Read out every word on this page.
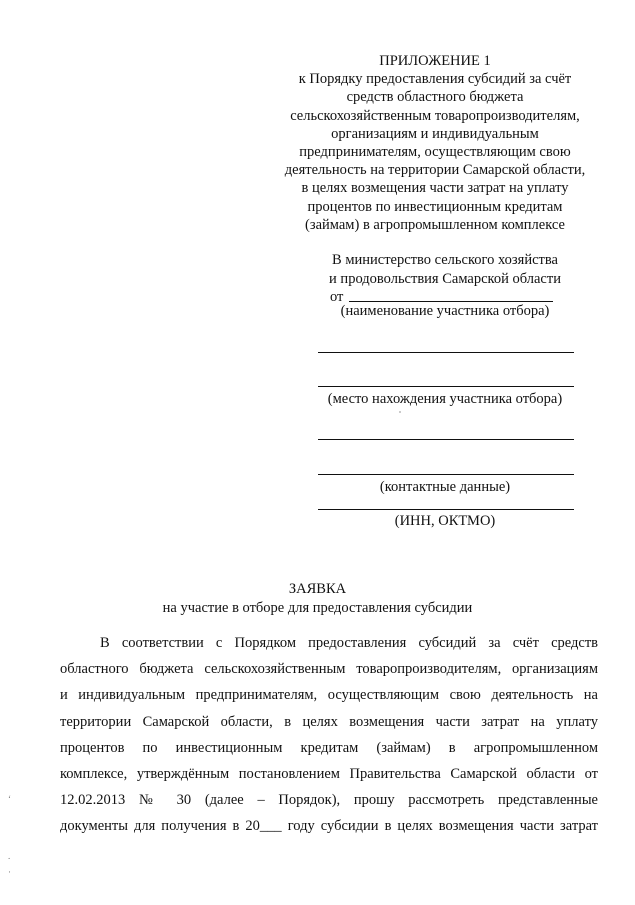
ПРИЛОЖЕНИЕ 1
к Порядку предоставления субсидий за счёт
средств областного бюджета
сельскохозяйственным товаропроизводителям,
организациям и индивидуальным
предпринимателям, осуществляющим свою
деятельность на территории Самарской области,
в целях возмещения части затрат на уплату
процентов по инвестиционным кредитам
(займам) в агропромышленном комплексе
В министерство сельского хозяйства
и продовольствия Самарской области
от
(наименование участника отбора)
(место нахождения участника отбора)
(контактные данные)
(ИНН, ОКТМО)
ЗАЯВКА
на участие в отборе для предоставления субсидии
В соответствии с Порядком предоставления субсидий за счёт средств
областного бюджета сельскохозяйственным товаропроизводителям, организациям
и индивидуальным предпринимателям, осуществляющим свою деятельность на
территории Самарской области, в целях возмещения части затрат на уплату
процентов по инвестиционным кредитам (займам) в агропромышленном
комплексе, утверждённым постановлением Правительства Самарской области от
12.02.2013 № 30 (далее – Порядок), прошу рассмотреть представленные
документы для получения в 20___ году субсидии в целях возмещения части затрат
‘
.
·
